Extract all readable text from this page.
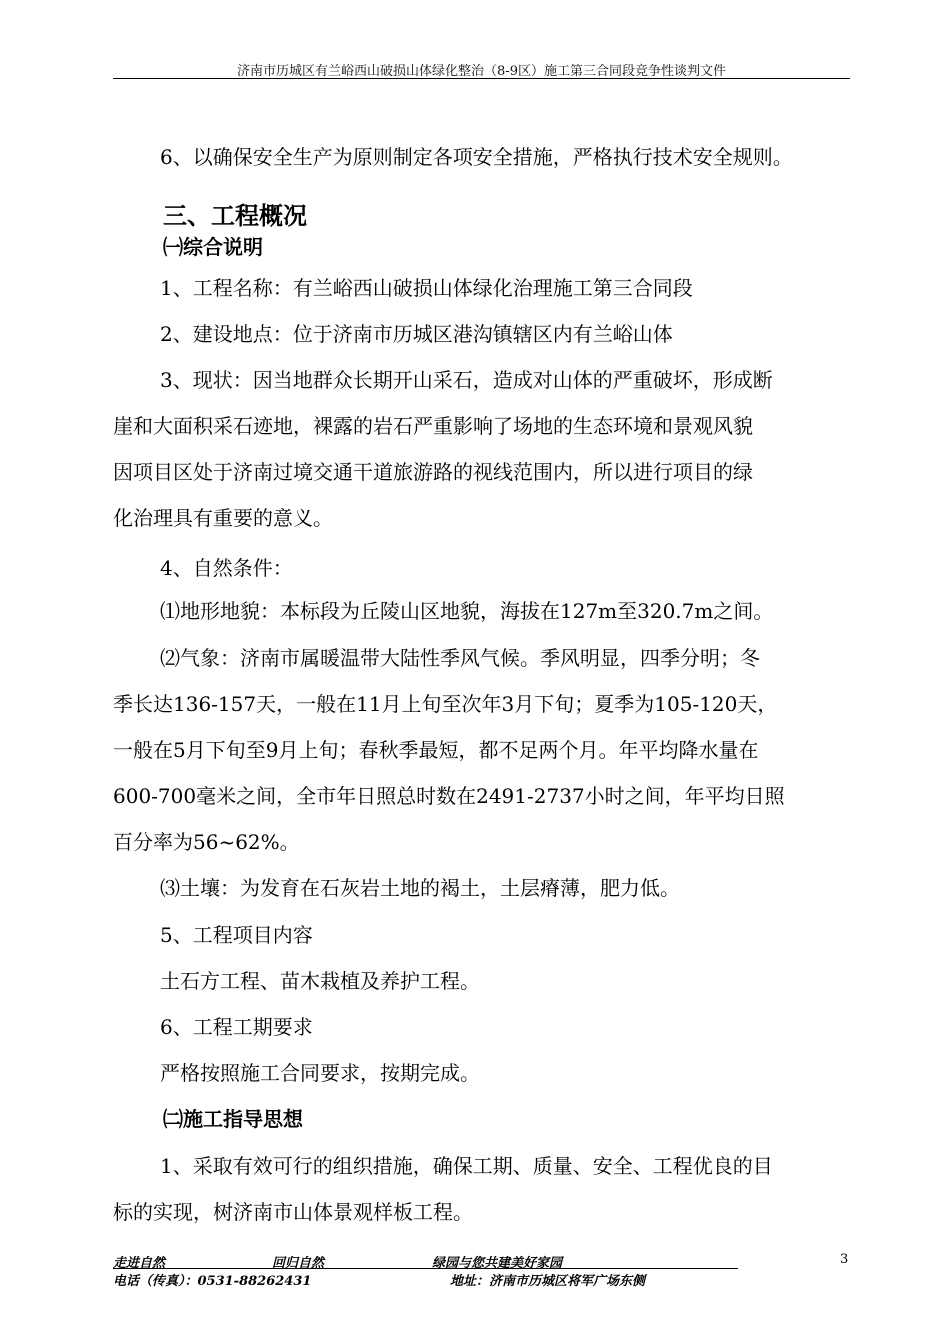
济南市历城区有兰峪西山破损山体绿化整治（8-9区）施工第三合同段竞争性谈判文件
6、以确保安全生产为原则制定各项安全措施，严格执行技术安全规则。
三、工程概况
㈠综合说明
1、工程名称：有兰峪西山破损山体绿化治理施工第三合同段
2、建设地点：位于济南市历城区港沟镇辖区内有兰峪山体
3、现状：因当地群众长期开山采石，造成对山体的严重破坏，形成断
崖和大面积采石迹地，裸露的岩石严重影响了场地的生态环境和景观风貌
因项目区处于济南过境交通干道旅游路的视线范围内，所以进行项目的绿
化治理具有重要的意义。
4、自然条件：
⑴地形地貌：本标段为丘陵山区地貌，海拔在127m至320.7m之间。
⑵气象：济南市属暖温带大陆性季风气候。季风明显，四季分明；冬
季长达136-157天，一般在11月上旬至次年3月下旬；夏季为105-120天，
一般在5月下旬至9月上旬；春秋季最短，都不足两个月。年平均降水量在
600-700毫米之间，全市年日照总时数在2491-2737小时之间，年平均日照
百分率为56~62%。
⑶土壤：为发育在石灰岩土地的褐土，土层瘠薄，肥力低。
5、工程项目内容
土石方工程、苗木栽植及养护工程。
6、工程工期要求
严格按照施工合同要求，按期完成。
㈡施工指导思想
1、采取有效可行的组织措施，确保工期、质量、安全、工程优良的目
标的实现，树济南市山体景观样板工程。
走进自然	回归自然	绿园与您共建美好家园	3
电话（传真）：0531-88262431	地址：济南市历城区将军广场东侧
